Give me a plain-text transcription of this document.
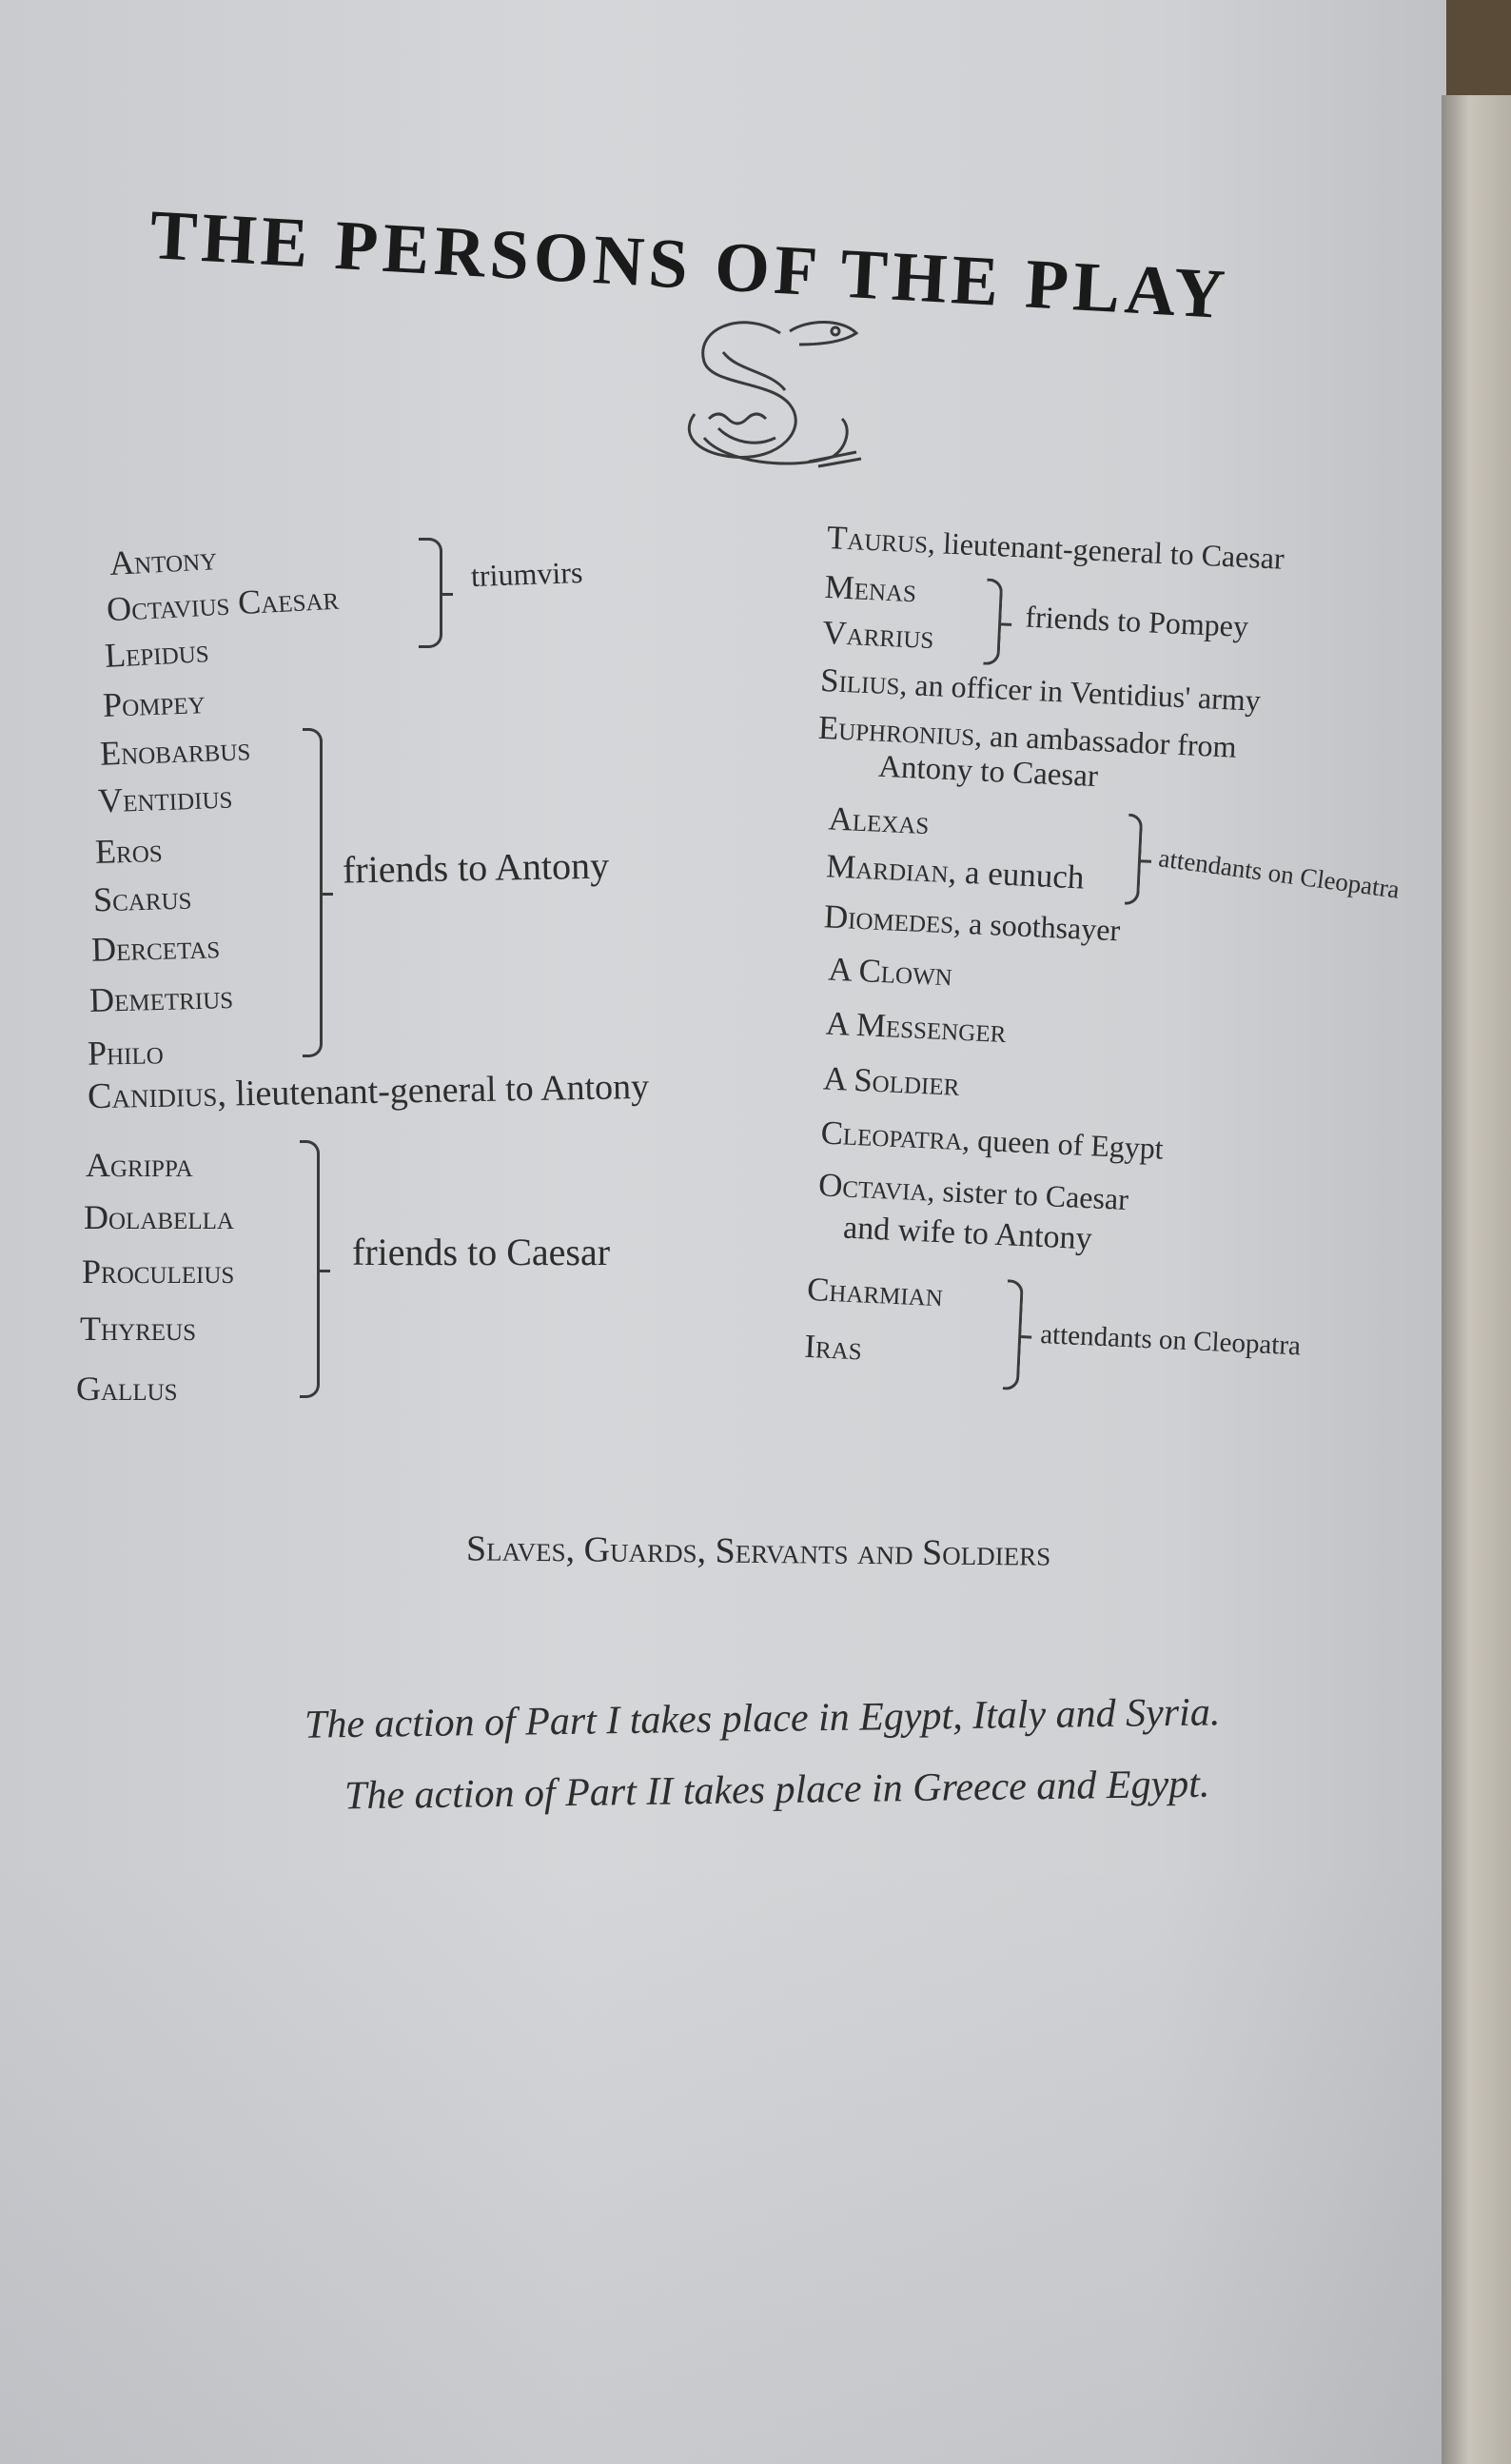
THE PERSONS OF THE PLAY
Antony
Octavius Caesar
Lepidus
triumvirs
Pompey
Enobarbus
Ventidius
Eros
Scarus
Dercetas
Demetrius
Philo
friends to Antony
Canidius, lieutenant-general to Antony
Agrippa
Dolabella
Proculeius
Thyreus
Gallus
friends to Caesar
Taurus, lieutenant-general to Caesar
Menas
Varrius	friends to Pompey
Silius, an officer in Ventidius' army
Euphronius, an ambassador from
Antony to Caesar
Alexas
Mardian, a eunuch	attendants on Cleopatra
Diomedes, a soothsayer
A Clown
A Messenger
A Soldier
Cleopatra, queen of Egypt
Octavia, sister to Caesar
and wife to Antony
Charmian
Iras	attendants on Cleopatra
Slaves, Guards, Servants and Soldiers
The action of Part I takes place in Egypt, Italy and Syria.
The action of Part II takes place in Greece and Egypt.
